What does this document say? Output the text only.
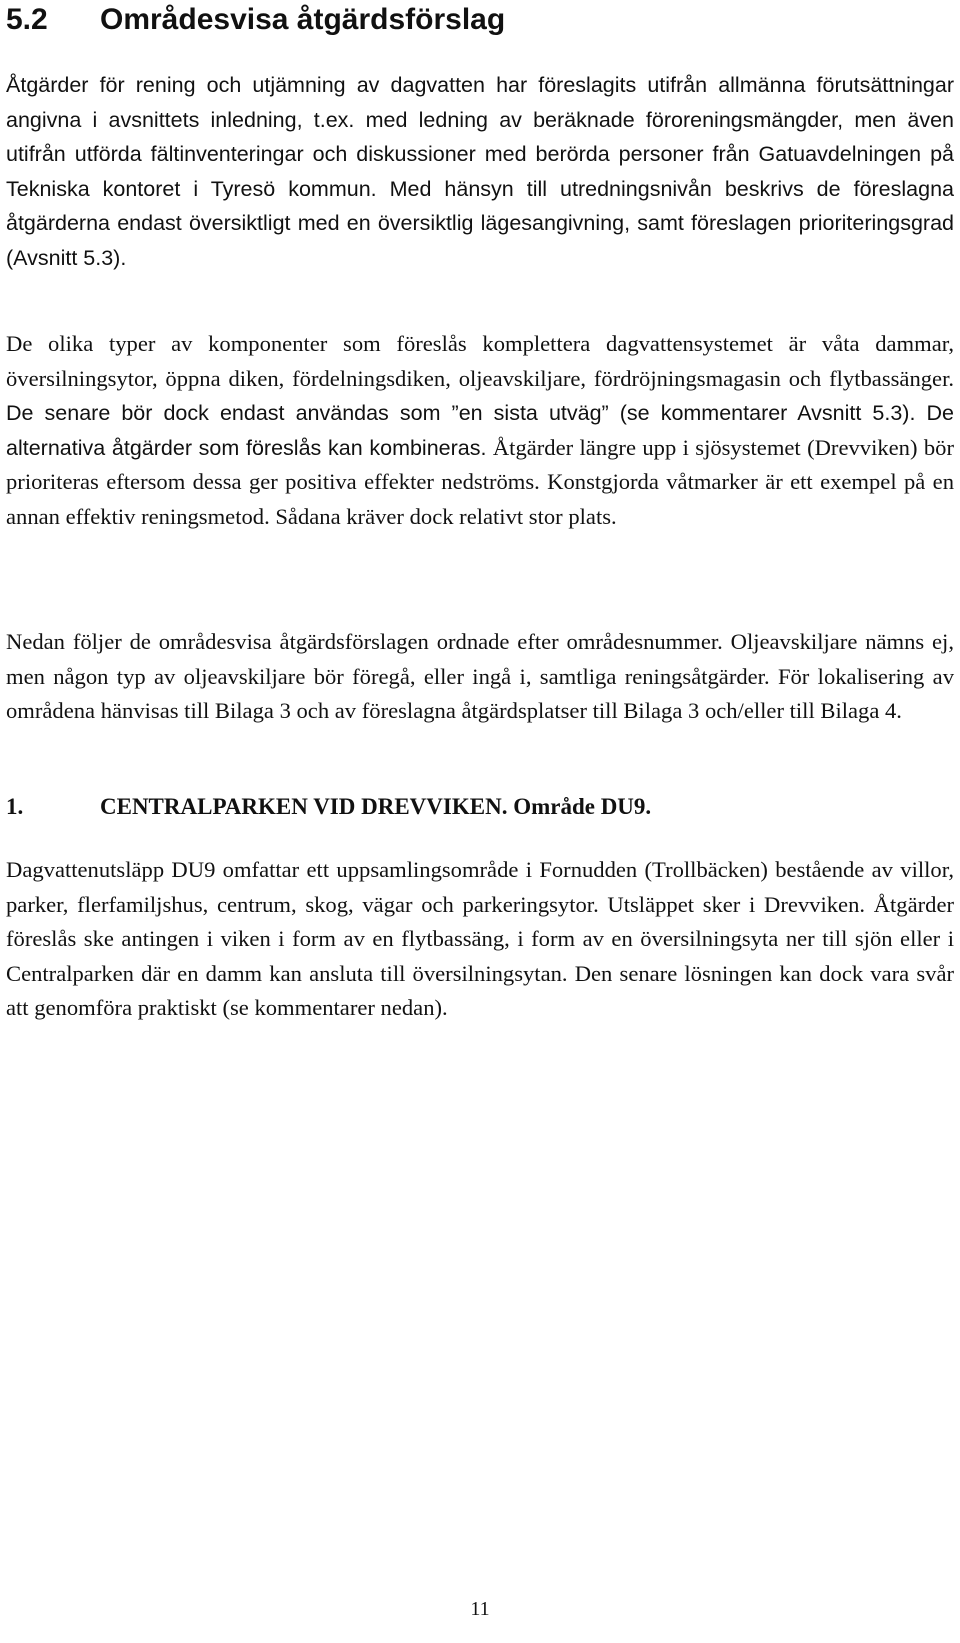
5.2 Områdesvisa åtgärdsförslag

Åtgärder för rening och utjämning av dagvatten har föreslagits utifrån allmänna förutsättningar angivna i avsnittets inledning, t.ex. med ledning av beräknade föroreningsmängder, men även utifrån utförda fältinventeringar och diskussioner med berörda personer från Gatuavdelningen på Tekniska kontoret i Tyresö kommun. Med hänsyn till utredningsnivån beskrivs de föreslagna åtgärderna endast översiktligt med en översiktlig lägesangivning, samt föreslagen prioriteringsgrad (Avsnitt 5.3).

De olika typer av komponenter som föreslås komplettera dagvattensystemet är våta dammar, översilningsytor, öppna diken, fördelningsdiken, oljeavskiljare, fördröjningsmagasin och flytbassänger. De senare bör dock endast användas som ”en sista utväg” (se kommentarer Avsnitt 5.3). De alternativa åtgärder som föreslås kan kombineras. Åtgärder längre upp i sjösystemet (Drevviken) bör prioriteras eftersom dessa ger positiva effekter nedströms. Konstgjorda våtmarker är ett exempel på en annan effektiv reningsmetod. Sådana kräver dock relativt stor plats.

Nedan följer de områdesvisa åtgärdsförslagen ordnade efter områdesnummer. Oljeavskiljare nämns ej, men någon typ av oljeavskiljare bör föregå, eller ingå i, samtliga reningsåtgärder. För lokalisering av områdena hänvisas till Bilaga 3 och av föreslagna åtgärdsplatser till Bilaga 3 och/eller till Bilaga 4.

1.	CENTRALPARKEN VID DREVVIKEN. Område DU9.

Dagvattenutsläpp DU9 omfattar ett uppsamlingsområde i Fornudden (Trollbäcken) bestående av villor, parker, flerfamiljshus, centrum, skog, vägar och parkeringsytor. Utsläppet sker i Drevviken. Åtgärder föreslås ske antingen i viken i form av en flytbassäng, i form av en översilningsyta ner till sjön eller i Centralparken där en damm kan ansluta till översilningsytan. Den senare lösningen kan dock vara svår att genomföra praktiskt (se kommentarer nedan).

11
